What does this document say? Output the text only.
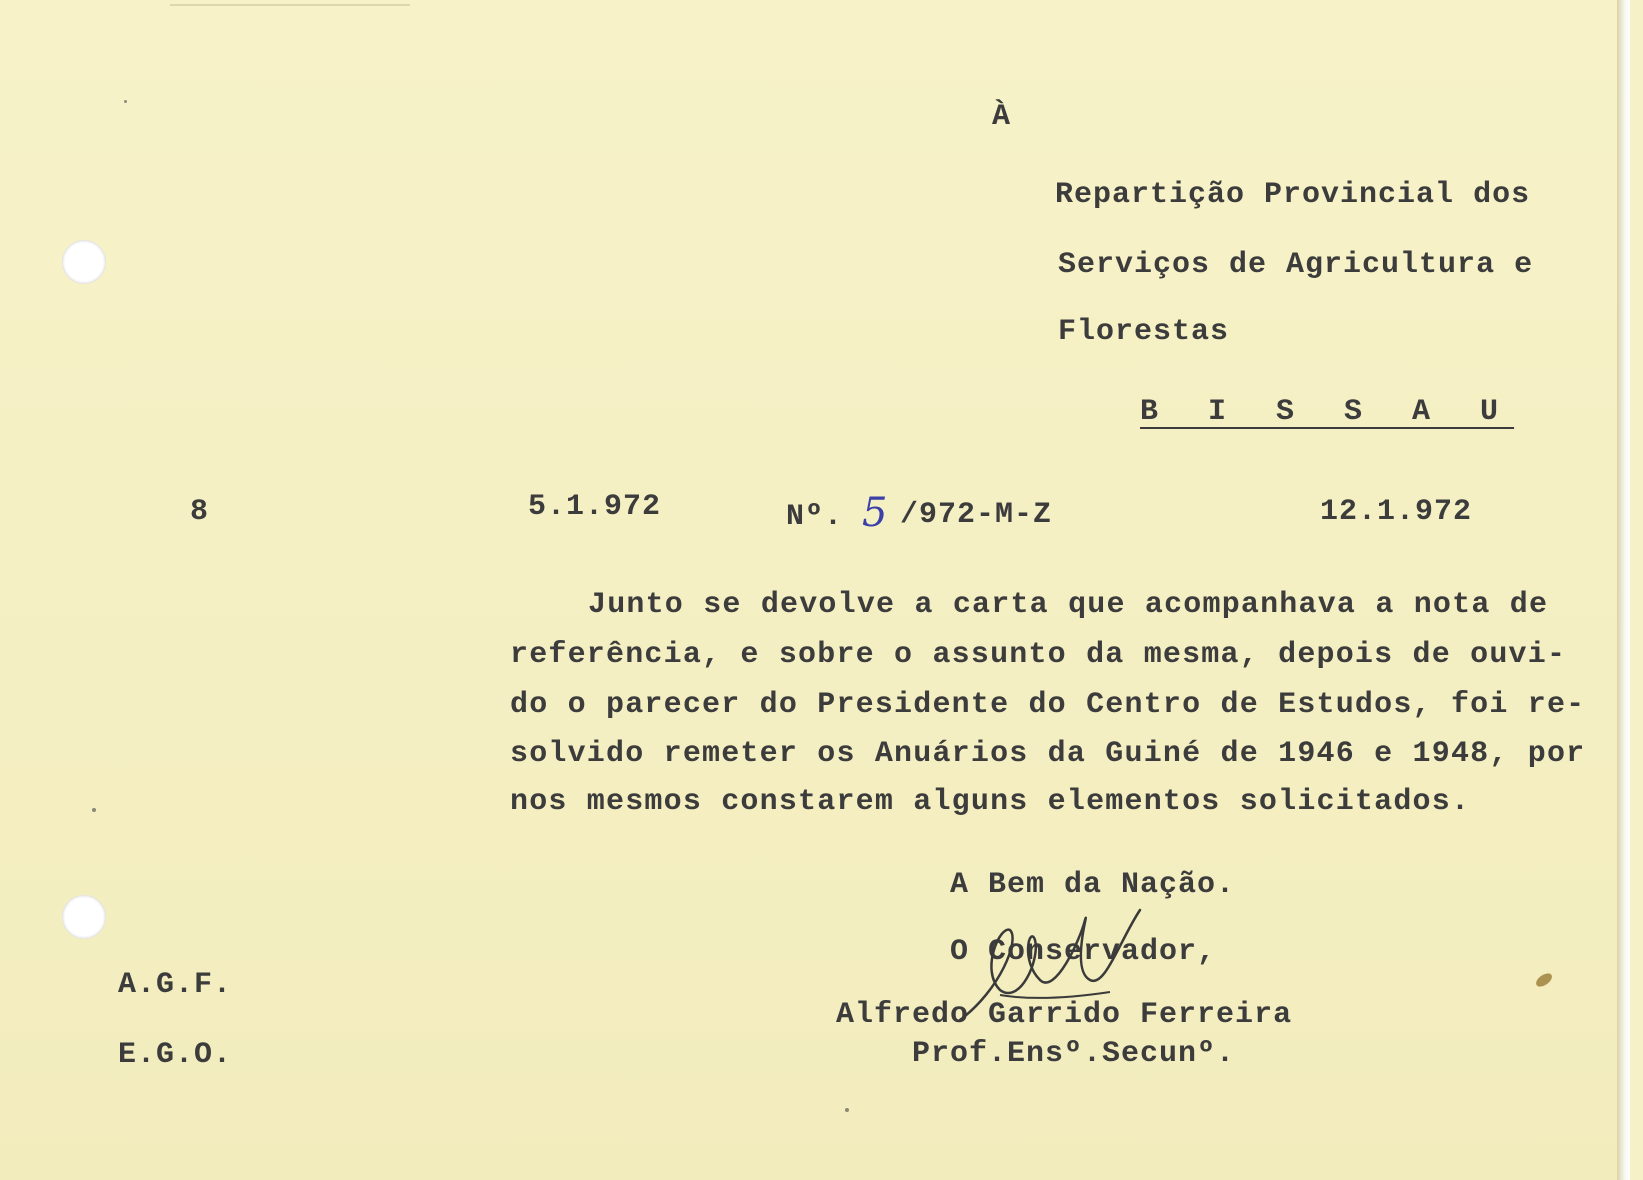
À
Repartição Provincial dos
Serviços de Agricultura e
Florestas
B I S S A U
8	5.1.972	Nº. 5 /972-M-Z	12.1.972
Junto se devolve a carta que acompanhava a nota de
referência, e sobre o assunto da mesma, depois de ouvi-
do o parecer do Presidente do Centro de Estudos, foi re-
solvido remeter os Anuários da Guiné de 1946 e 1948, por
nos mesmos constarem alguns elementos solicitados.
A Bem da Nação.
O Conservador,
Alfredo Garrido Ferreira
Prof.Ensº.Secunº.
A.G.F.
E.G.O.
